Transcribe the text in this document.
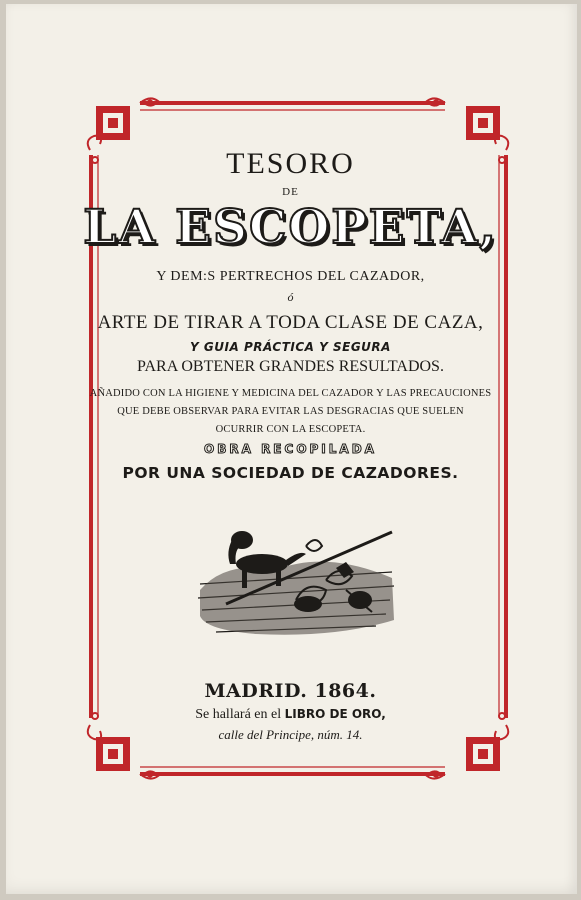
TESORO
DE
LA ESCOPETA,
Y DEM:S PERTRECHOS DEL CAZADOR,
ó
ARTE DE TIRAR A TODA CLASE DE CAZA,
Y GUIA PRÁCTICA Y SEGURA
PARA OBTENER GRANDES RESULTADOS.
AÑADIDO CON LA HIGIENE Y MEDICINA DEL CAZADOR Y LAS PRECAUCIONES
QUE DEBE OBSERVAR PARA EVITAR LAS DESGRACIAS QUE SUELEN
OCURRIR CON LA ESCOPETA.
OBRA RECOPILADA
POR UNA SOCIEDAD DE CAZADORES.
MADRID. 1864.
Se hallará en el LIBRO DE ORO,
calle del Principe, núm. 14.
